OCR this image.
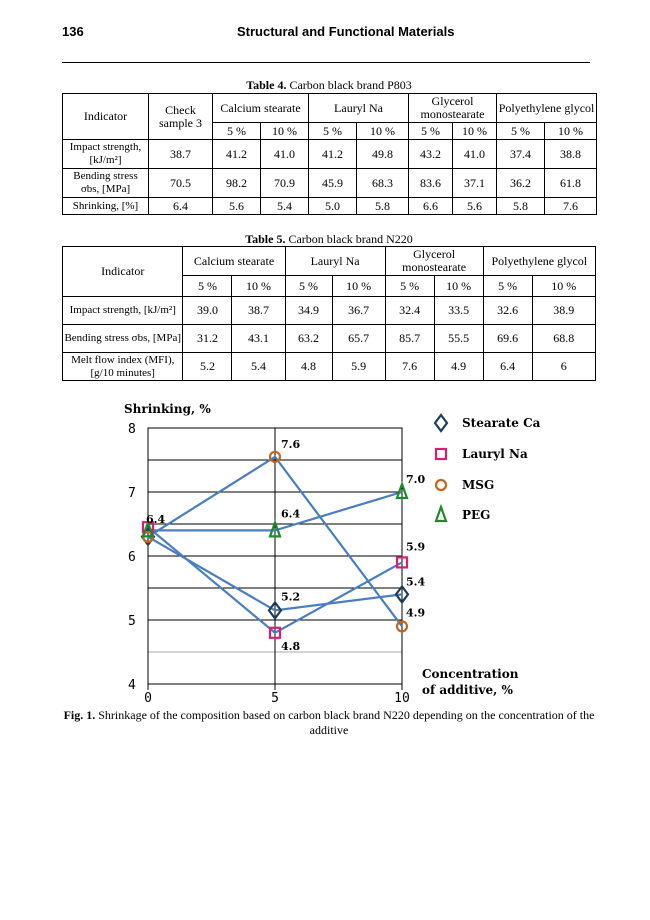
136	Structural and Functional Materials
Table 4. Carbon black brand P803
Indicator	Check sample 3	Calcium stearate		Lauryl Na		Glycerol monostearate		Polyethylene glycol	
		5 %	10 %	5 %	10 %	5 %	10 %	5 %	10 %
Impact strength, [kJ/m²]	38.7	41.2	41.0	41.2	49.8	43.2	41.0	37.4	38.8
Bending stress σbs, [MPa]	70.5	98.2	70.9	45.9	68.3	83.6	37.1	36.2	61.8
Shrinking, [%]	6.4	5.6	5.4	5.0	5.8	6.6	5.6	5.8	7.6
Table 5. Carbon black brand N220
Indicator	Calcium stearate		Lauryl Na		Glycerol monostearate		Polyethylene glycol	
	5 %	10 %	5 %	10 %	5 %	10 %	5 %	10 %
Impact strength, [kJ/m²]	39.0	38.7	34.9	36.7	32.4	33.5	32.6	38.9
Bending stress σbs, [MPa]	31.2	43.1	63.2	65.7	85.7	55.5	69.6	68.8
Melt flow index (MFI), [g/10 minutes]	5.2	5.4	4.8	5.9	7.6	4.9	6.4	6
4
5
6
7
8
0	5	10
Shrinking, %
Concentration
of additive, %
5.2
5.4
4.8
5.9
6.4
7.6
4.9
6.4
7.0
Stearate Ca
Lauryl Na
MSG
PEG
Fig. 1. Shrinkage of the composition based on carbon black brand N220 depending on the concentration of the additive
